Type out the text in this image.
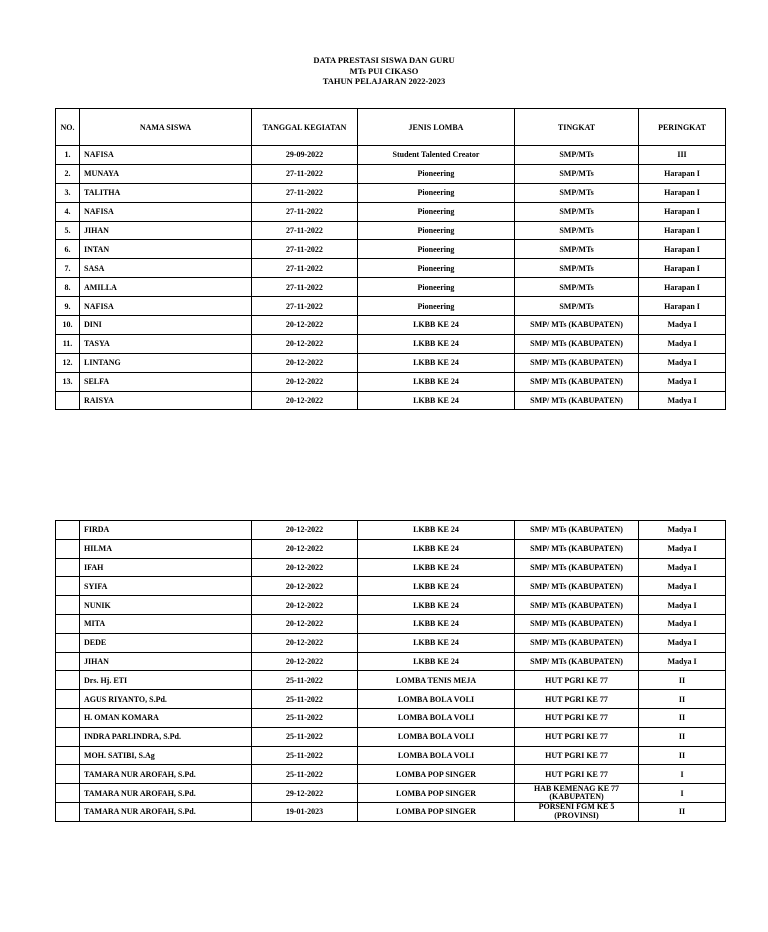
DATA PRESTASI SISWA DAN GURU
MTs PUI CIKASO
TAHUN PELAJARAN 2022-2023
NO.	NAMA SISWA	TANGGAL KEGIATAN	JENIS LOMBA	TINGKAT	PERINGKAT
1.	NAFISA	29-09-2022	Student Talented Creator	SMP/MTs	III
2.	MUNAYA	27-11-2022	Pioneering	SMP/MTs	Harapan I
3.	TALITHA	27-11-2022	Pioneering	SMP/MTs	Harapan I
4.	NAFISA	27-11-2022	Pioneering	SMP/MTs	Harapan I
5.	JIHAN	27-11-2022	Pioneering	SMP/MTs	Harapan I
6.	INTAN	27-11-2022	Pioneering	SMP/MTs	Harapan I
7.	SASA	27-11-2022	Pioneering	SMP/MTs	Harapan I
8.	AMILLA	27-11-2022	Pioneering	SMP/MTs	Harapan I
9.	NAFISA	27-11-2022	Pioneering	SMP/MTs	Harapan I
10.	DINI	20-12-2022	LKBB KE 24	SMP/ MTs (KABUPATEN)	Madya I
11.	TASYA	20-12-2022	LKBB KE 24	SMP/ MTs (KABUPATEN)	Madya I
12.	LINTANG	20-12-2022	LKBB KE 24	SMP/ MTs (KABUPATEN)	Madya I
13.	SELFA	20-12-2022	LKBB KE 24	SMP/ MTs (KABUPATEN)	Madya I
	RAISYA	20-12-2022	LKBB KE 24	SMP/ MTs (KABUPATEN)	Madya I
	FIRDA	20-12-2022	LKBB KE 24	SMP/ MTs (KABUPATEN)	Madya I
	HILMA	20-12-2022	LKBB KE 24	SMP/ MTs (KABUPATEN)	Madya I
	IFAH	20-12-2022	LKBB KE 24	SMP/ MTs (KABUPATEN)	Madya I
	SYIFA	20-12-2022	LKBB KE 24	SMP/ MTs (KABUPATEN)	Madya I
	NUNIK	20-12-2022	LKBB KE 24	SMP/ MTs (KABUPATEN)	Madya I
	MITA	20-12-2022	LKBB KE 24	SMP/ MTs (KABUPATEN)	Madya I
	DEDE	20-12-2022	LKBB KE 24	SMP/ MTs (KABUPATEN)	Madya I
	JIHAN	20-12-2022	LKBB KE 24	SMP/ MTs (KABUPATEN)	Madya I
	Drs. Hj. ETI	25-11-2022	LOMBA TENIS MEJA	HUT PGRI KE 77	II
	AGUS RIYANTO, S.Pd.	25-11-2022	LOMBA BOLA VOLI	HUT PGRI KE 77	II
	H. OMAN KOMARA	25-11-2022	LOMBA BOLA VOLI	HUT PGRI KE 77	II
	INDRA PARLINDRA, S.Pd.	25-11-2022	LOMBA BOLA VOLI	HUT PGRI KE 77	II
	MOH. SATIBI, S.Ag	25-11-2022	LOMBA BOLA VOLI	HUT PGRI KE 77	II
	TAMARA NUR AROFAH, S.Pd.	25-11-2022	LOMBA POP SINGER	HUT PGRI KE 77	I
	TAMARA NUR AROFAH, S.Pd.	29-12-2022	LOMBA POP SINGER	HAB KEMENAG KE 77 (KABUPATEN)	I
	TAMARA NUR AROFAH, S.Pd.	19-01-2023	LOMBA POP SINGER	PORSENI FGM KE 5 (PROVINSI)	II
